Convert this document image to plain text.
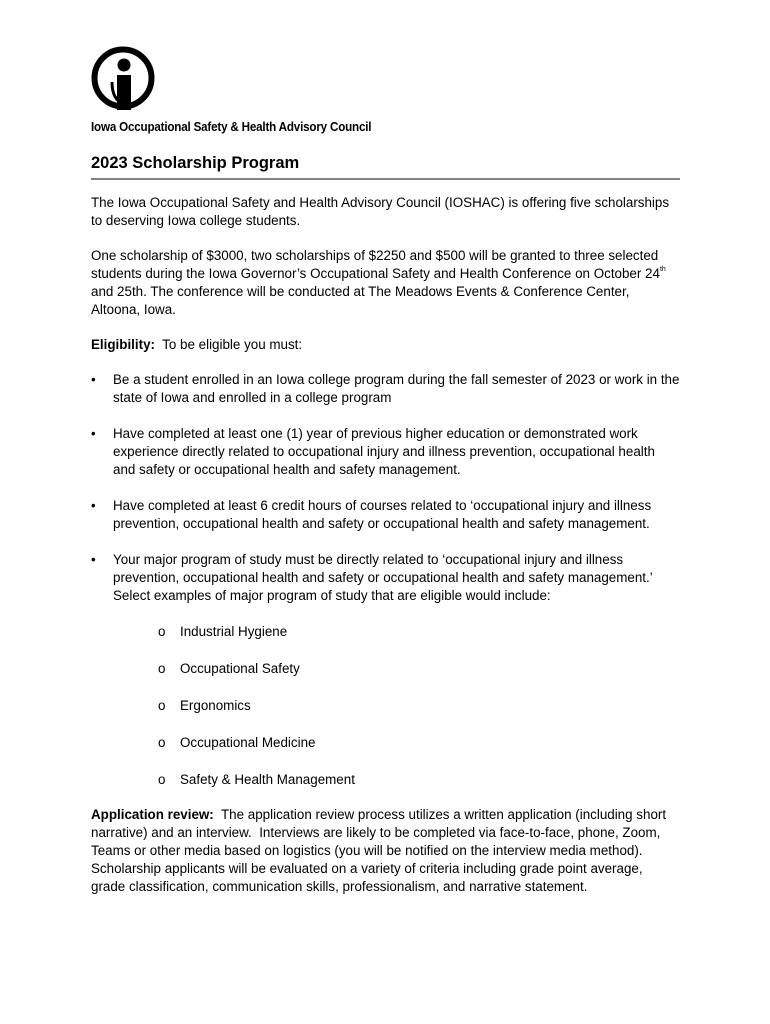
Iowa Occupational Safety & Health Advisory Council
2023 Scholarship Program

The Iowa Occupational Safety and Health Advisory Council (IOSHAC) is offering five scholarships to deserving Iowa college students.

One scholarship of $3000, two scholarships of $2250 and $500 will be granted to three selected students during the Iowa Governor’s Occupational Safety and Health Conference on October 24th and 25th. The conference will be conducted at The Meadows Events & Conference Center, Altoona, Iowa.

Eligibility:  To be eligible you must:

• Be a student enrolled in an Iowa college program during the fall semester of 2023 or work in the state of Iowa and enrolled in a college program
• Have completed at least one (1) year of previous higher education or demonstrated work experience directly related to occupational injury and illness prevention, occupational health and safety or occupational health and safety management.
• Have completed at least 6 credit hours of courses related to ‘occupational injury and illness prevention, occupational health and safety or occupational health and safety management.
• Your major program of study must be directly related to ‘occupational injury and illness prevention, occupational health and safety or occupational health and safety management.’ Select examples of major program of study that are eligible would include:
o Industrial Hygiene
o Occupational Safety
o Ergonomics
o Occupational Medicine
o Safety & Health Management

Application review:  The application review process utilizes a written application (including short narrative) and an interview.  Interviews are likely to be completed via face-to-face, phone, Zoom, Teams or other media based on logistics (you will be notified on the interview media method).  Scholarship applicants will be evaluated on a variety of criteria including grade point average, grade classification, communication skills, professionalism, and narrative statement.
